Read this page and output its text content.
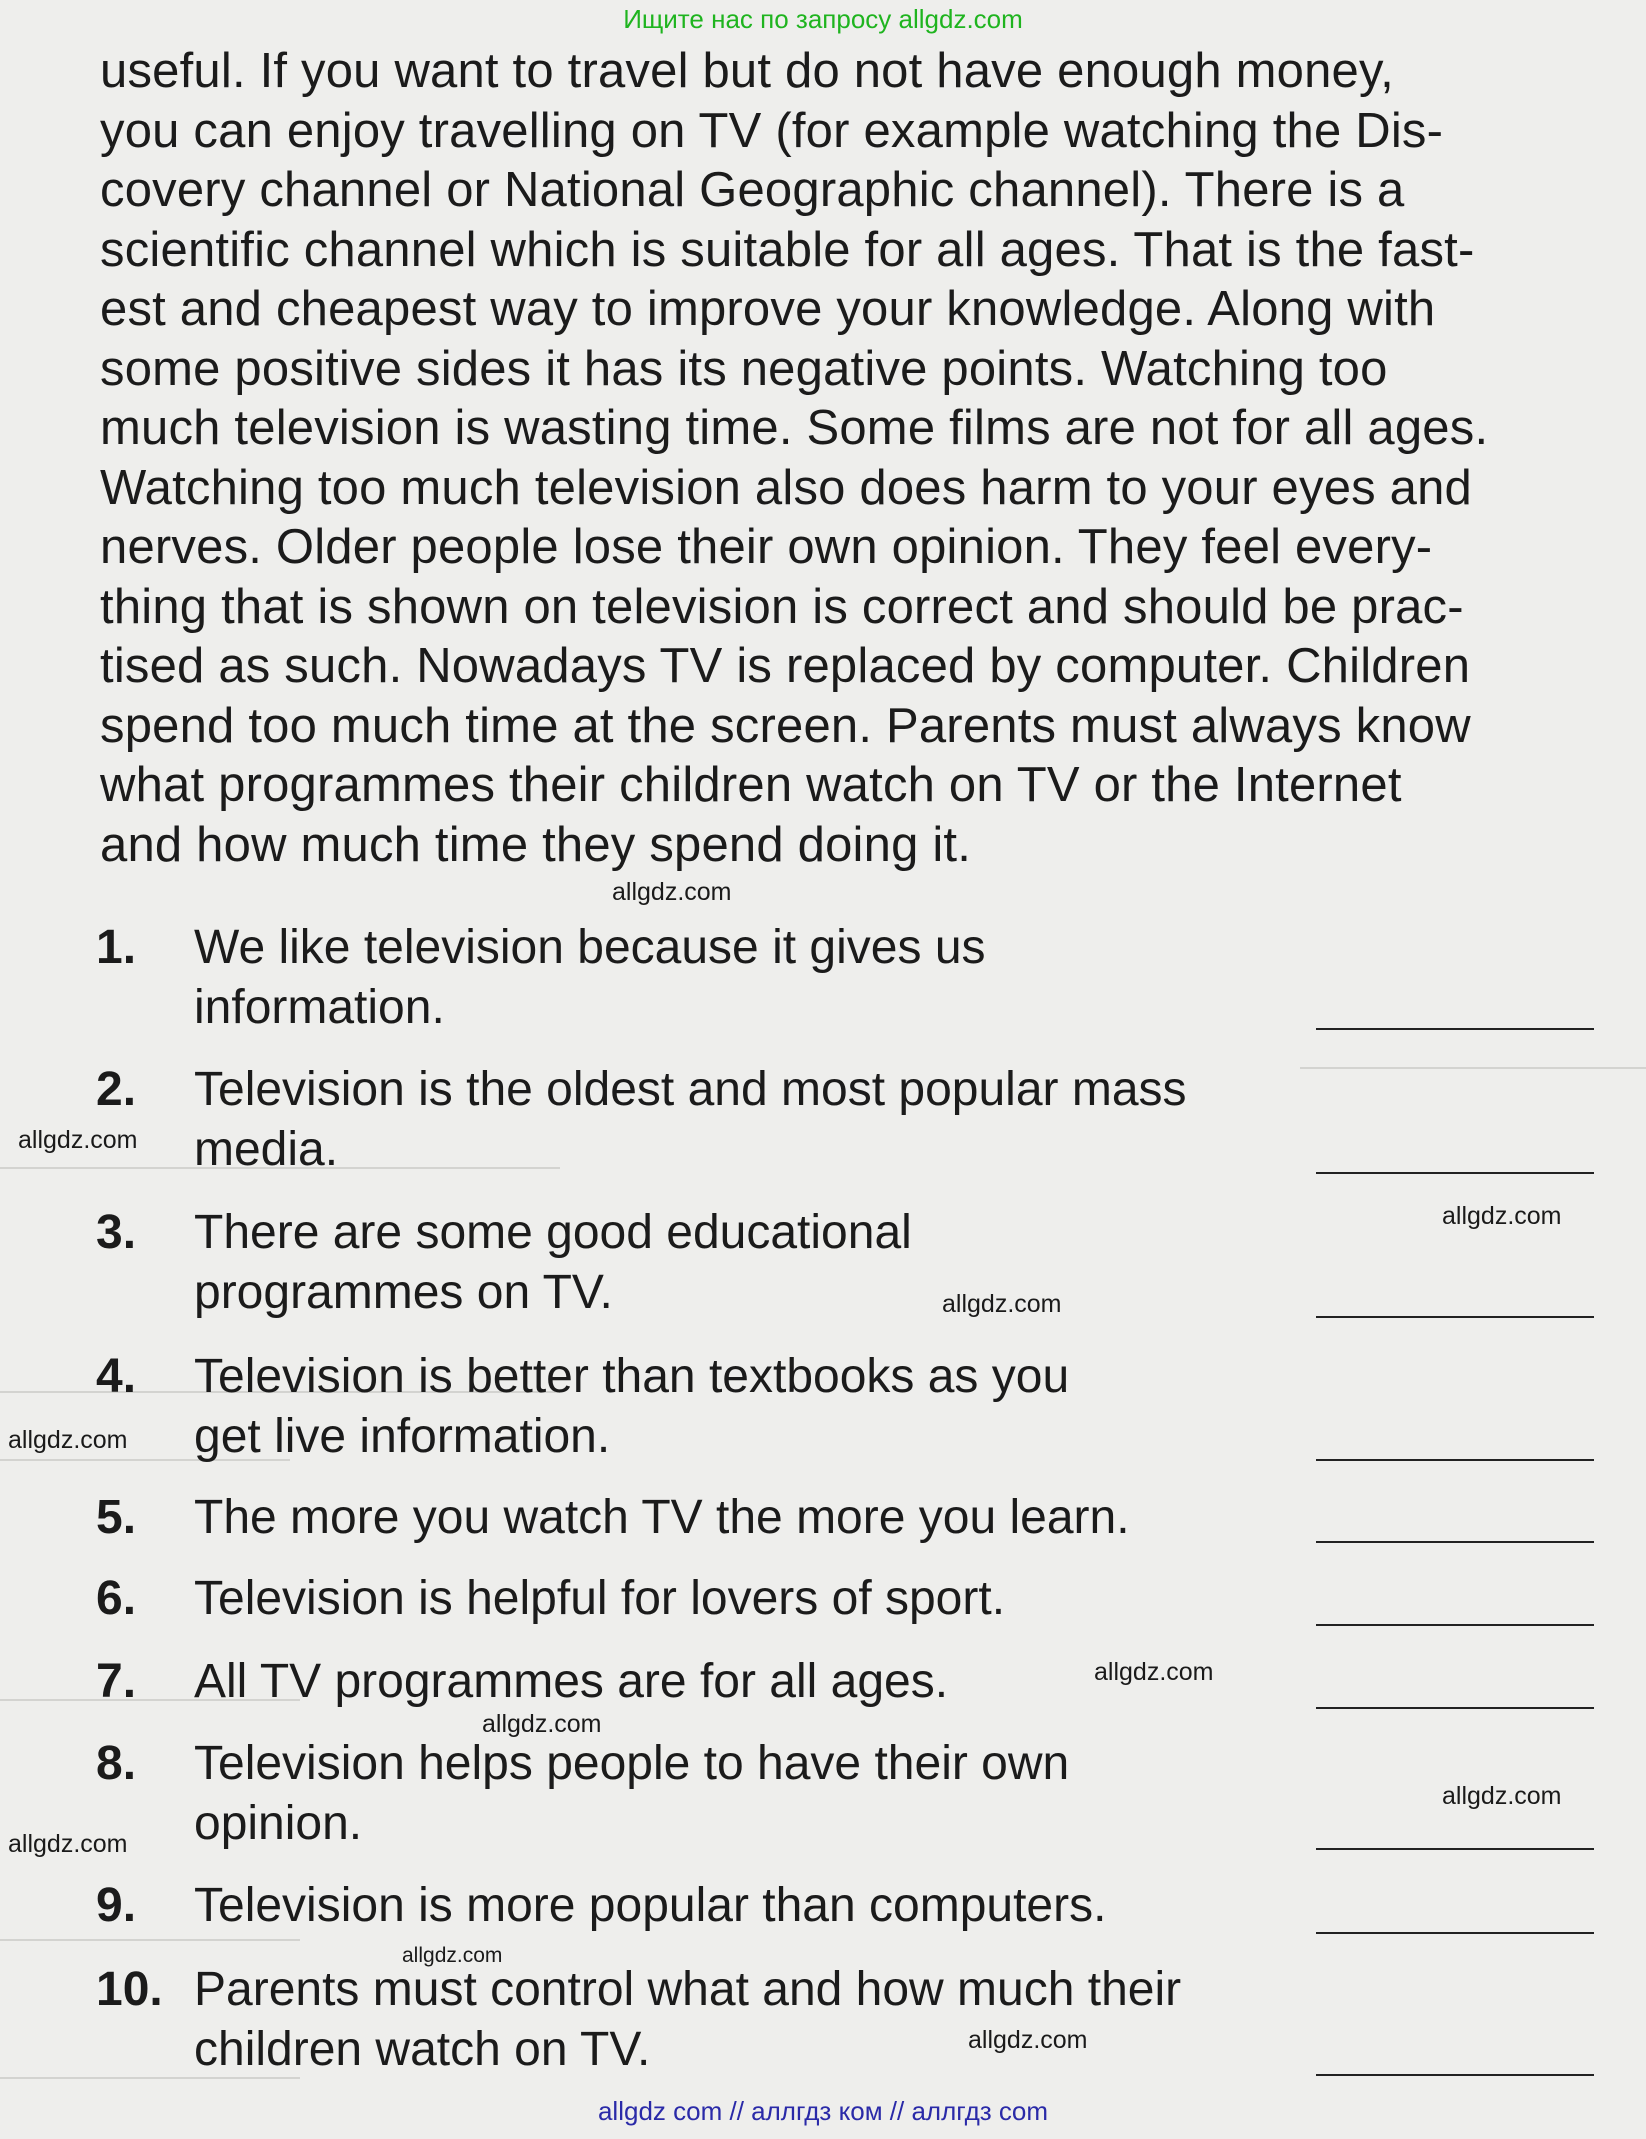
Ищите нас по запросу allgdz.com
useful. If you want to travel but do not have enough money,
you can enjoy travelling on TV (for example watching the Dis-
covery channel or National Geographic channel). There is a
scientific channel which is suitable for all ages. That is the fast-
est and cheapest way to improve your knowledge. Along with
some positive sides it has its negative points. Watching too
much television is wasting time. Some films are not for all ages.
Watching too much television also does harm to your eyes and
nerves. Older people lose their own opinion. They feel every-
thing that is shown on television is correct and should be prac-
tised as such. Nowadays TV is replaced by computer. Children
spend too much time at the screen. Parents must always know
what programmes their children watch on TV or the Internet
and how much time they spend doing it.
1. We like television because it gives us information.
2. Television is the oldest and most popular mass media.
3. There are some good educational programmes on TV.
4. Television is better than textbooks as you get live information.
5. The more you watch TV the more you learn.
6. Television is helpful for lovers of sport.
7. All TV programmes are for all ages.
8. Television helps people to have their own opinion.
9. Television is more popular than computers.
10. Parents must control what and how much their children watch on TV.
allgdz.com
allgdz.com
allgdz.com
allgdz.com
allgdz.com
allgdz.com
allgdz.com
allgdz.com
allgdz.com
allgdz.com
allgdz.com
allgdz com // аллгдз ком // аллгдз com
